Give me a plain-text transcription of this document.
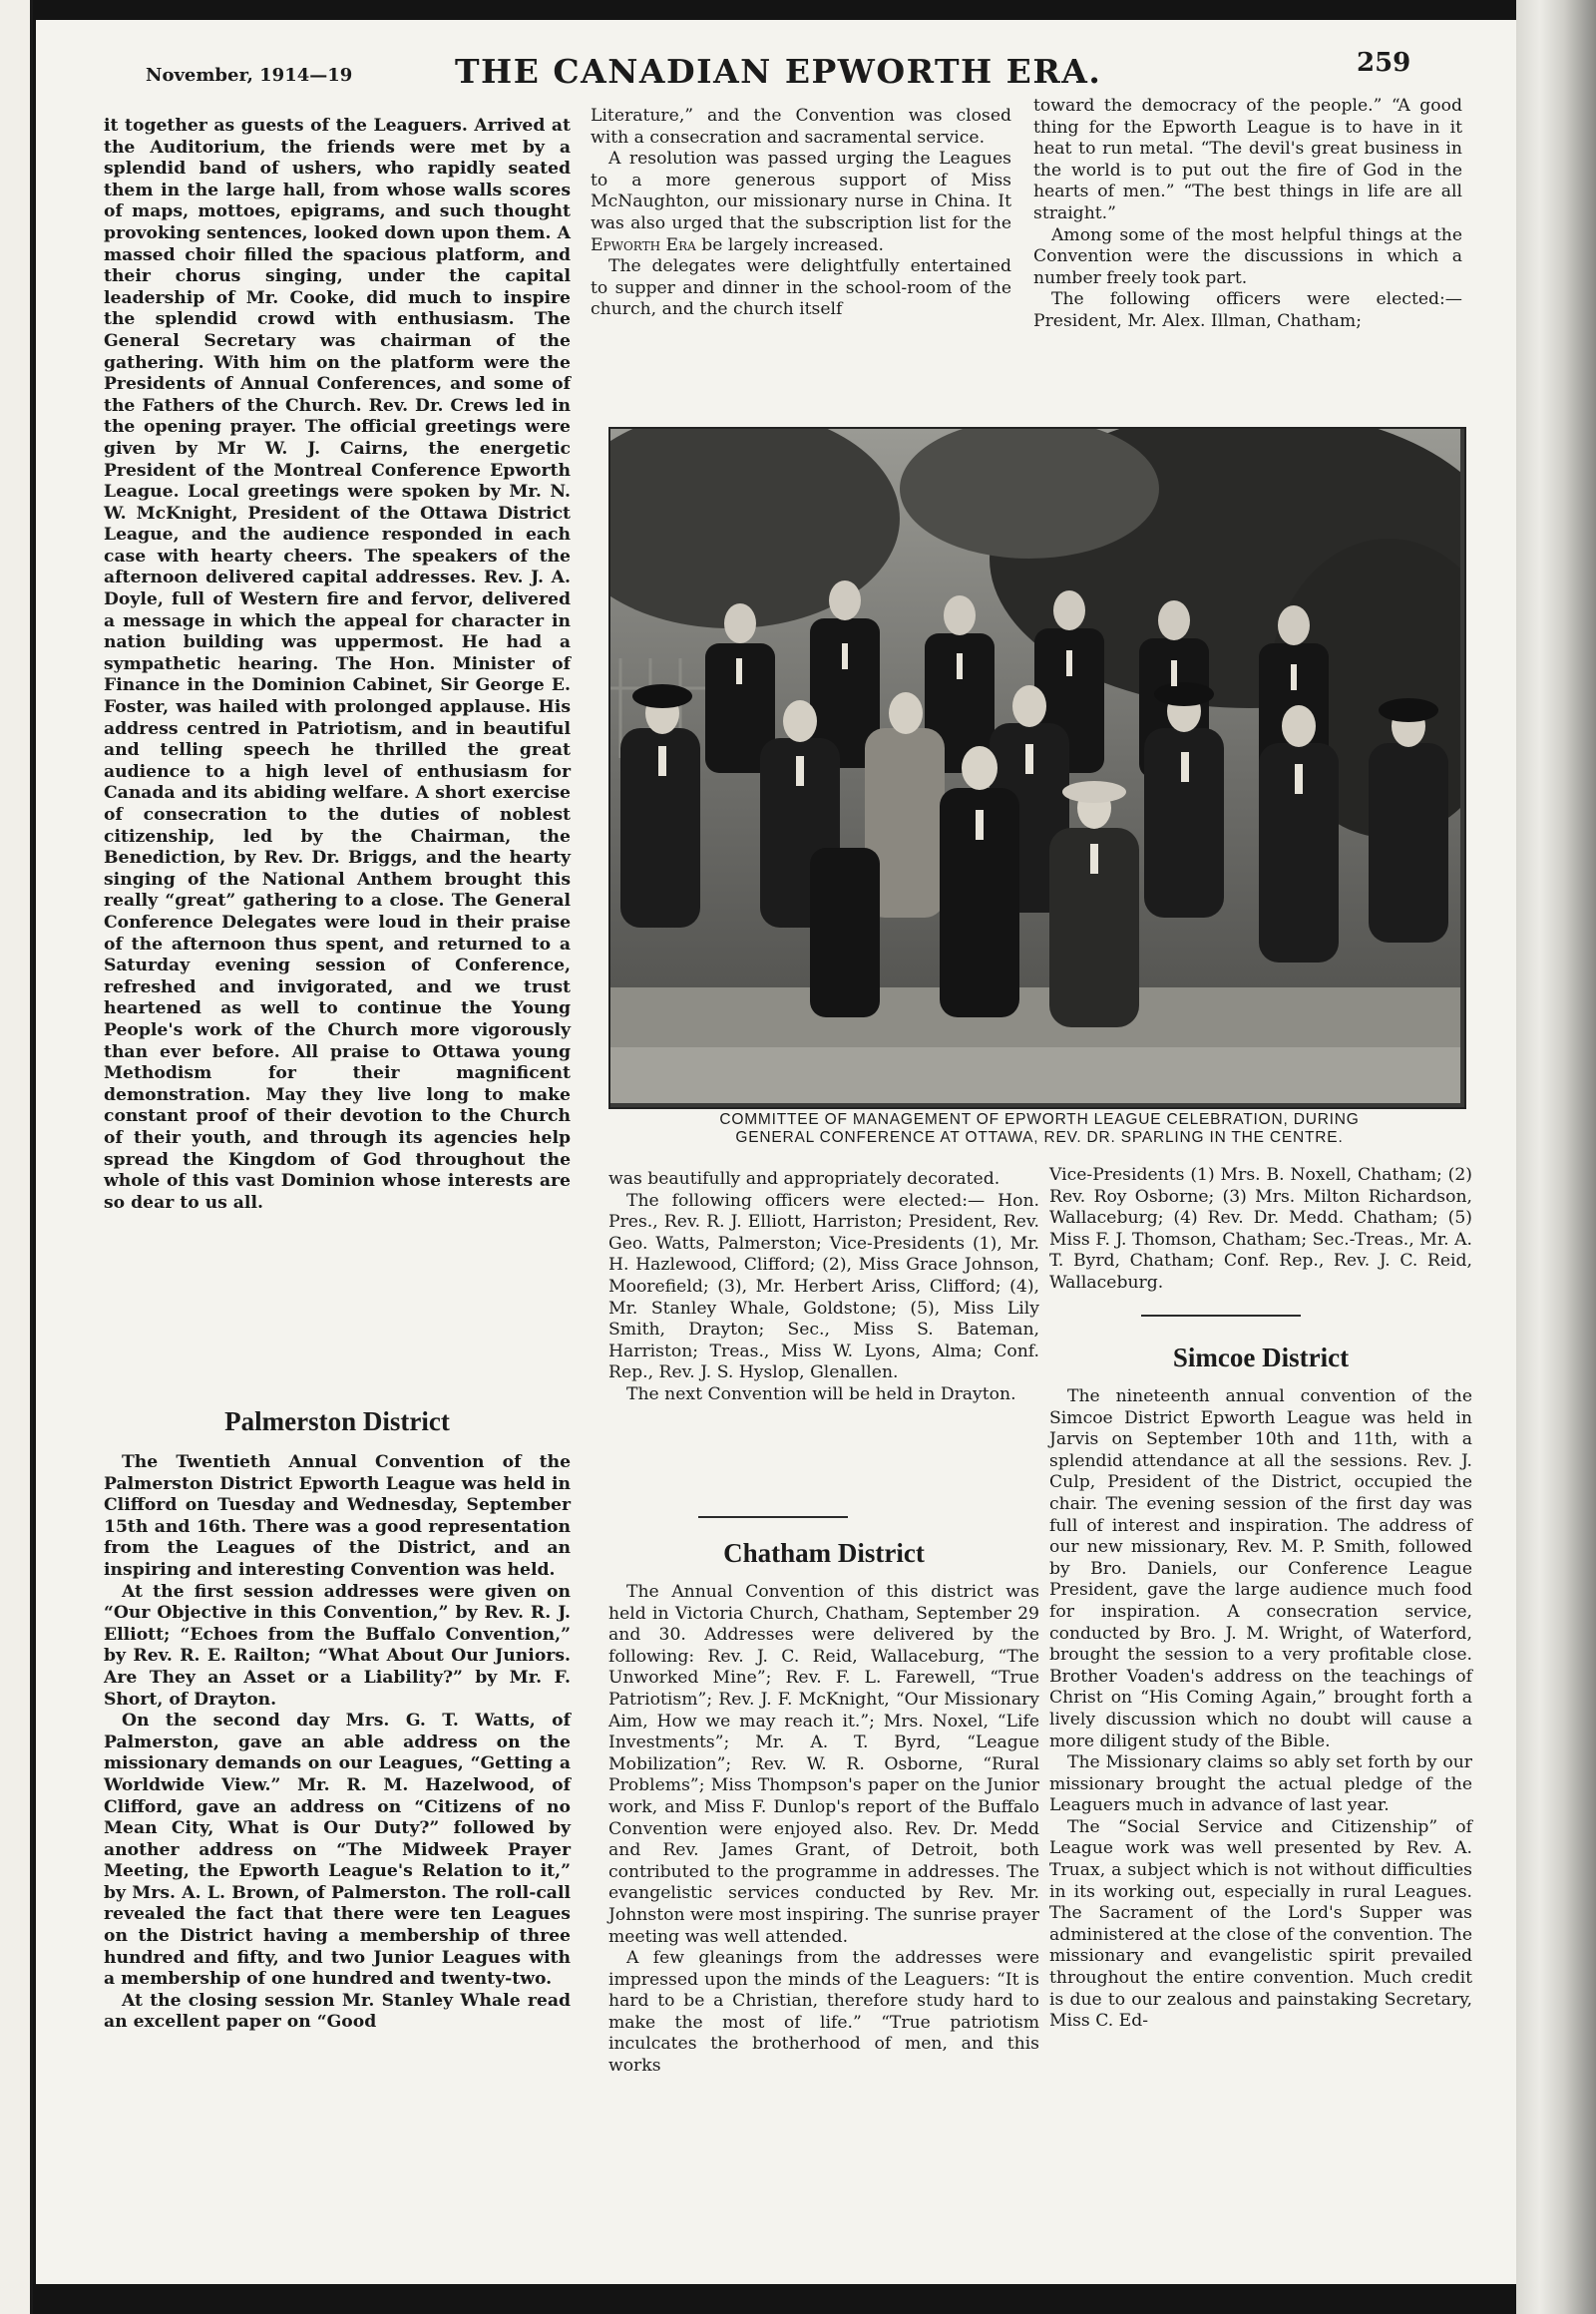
November, 1914—19	THE CANADIAN EPWORTH ERA.	259

it together as guests of the Leaguers. Arrived at the Auditorium, the friends were met by a splendid band of ushers, who rapidly seated them in the large hall, from whose walls scores of maps, mottoes, epigrams, and such thought provoking sentences, looked down upon them. A massed choir filled the spacious platform, and their chorus singing, under the capital leadership of Mr. Cooke, did much to inspire the splendid crowd with enthusiasm. The General Secretary was chairman of the gathering. With him on the platform were the Presidents of Annual Conferences, and some of the Fathers of the Church. Rev. Dr. Crews led in the opening prayer. The official greetings were given by Mr W. J. Cairns, the energetic President of the Montreal Conference Epworth League. Local greetings were spoken by Mr. N. W. McKnight, President of the Ottawa District League, and the audience responded in each case with hearty cheers. The speakers of the afternoon delivered capital addresses. Rev. J. A. Doyle, full of Western fire and fervor, delivered a message in which the appeal for character in nation building was uppermost. He had a sympathetic hearing. The Hon. Minister of Finance in the Dominion Cabinet, Sir George E. Foster, was hailed with prolonged applause. His address centred in Patriotism, and in beautiful and telling speech he thrilled the great audience to a high level of enthusiasm for Canada and its abiding welfare. A short exercise of consecration to the duties of noblest citizenship, led by the Chairman, the Benediction, by Rev. Dr. Briggs, and the hearty singing of the National Anthem brought this really “great” gathering to a close. The General Conference Delegates were loud in their praise of the afternoon thus spent, and returned to a Saturday evening session of Conference, refreshed and invigorated, and we trust heartened as well to continue the Young People's work of the Church more vigorously than ever before. All praise to Ottawa young Methodism for their magnificent demonstration. May they live long to make constant proof of their devotion to the Church of their youth, and through its agencies help spread the Kingdom of God throughout the whole of this vast Dominion whose interests are so dear to us all.

Palmerston District

The Twentieth Annual Convention of the Palmerston District Epworth League was held in Clifford on Tuesday and Wednesday, September 15th and 16th. There was a good representation from the Leagues of the District, and an inspiring and interesting Convention was held.

At the first session addresses were given on “Our Objective in this Convention,” by Rev. R. J. Elliott; “Echoes from the Buffalo Convention,” by Rev. R. E. Railton; “What About Our Juniors. Are They an Asset or a Liability?” by Mr. F. Short, of Drayton.

On the second day Mrs. G. T. Watts, of Palmerston, gave an able address on the missionary demands on our Leagues, “Getting a Worldwide View.” Mr. R. M. Hazelwood, of Clifford, gave an address on “Citizens of no Mean City, What is Our Duty?” followed by another address on “The Midweek Prayer Meeting, the Epworth League's Relation to it,” by Mrs. A. L. Brown, of Palmerston. The roll-call revealed the fact that there were ten Leagues on the District having a membership of three hundred and fifty, and two Junior Leagues with a membership of one hundred and twenty-two.

At the closing session Mr. Stanley Whale read an excellent paper on “Good

Literature,” and the Convention was closed with a consecration and sacramental service.

A resolution was passed urging the Leagues to a more generous support of Miss McNaughton, our missionary nurse in China. It was also urged that the subscription list for the Epworth Era be largely increased.

The delegates were delightfully entertained to supper and dinner in the school-room of the church, and the church itself

toward the democracy of the people.” “A good thing for the Epworth League is to have in it heat to run metal. “The devil's great business in the world is to put out the fire of God in the hearts of men.” “The best things in life are all straight.”

Among some of the most helpful things at the Convention were the discussions in which a number freely took part.

The following officers were elected:— President, Mr. Alex. Illman, Chatham;

COMMITTEE OF MANAGEMENT OF EPWORTH LEAGUE CELEBRATION, DURING
GENERAL CONFERENCE AT OTTAWA, REV. DR. SPARLING IN THE CENTRE.

was beautifully and appropriately decorated.

The following officers were elected:— Hon. Pres., Rev. R. J. Elliott, Harriston; President, Rev. Geo. Watts, Palmerston; Vice-Presidents (1), Mr. H. Hazlewood, Clifford; (2), Miss Grace Johnson, Moorefield; (3), Mr. Herbert Ariss, Clifford; (4), Mr. Stanley Whale, Goldstone; (5), Miss Lily Smith, Drayton; Sec., Miss S. Bateman, Harriston; Treas., Miss W. Lyons, Alma; Conf. Rep., Rev. J. S. Hyslop, Glenallen.

The next Convention will be held in Drayton.

Chatham District

The Annual Convention of this district was held in Victoria Church, Chatham, September 29 and 30. Addresses were delivered by the following: Rev. J. C. Reid, Wallaceburg, “The Unworked Mine”; Rev. F. L. Farewell, “True Patriotism”; Rev. J. F. McKnight, “Our Missionary Aim, How we may reach it.”; Mrs. Noxel, “Life Investments”; Mr. A. T. Byrd, “League Mobilization”; Rev. W. R. Osborne, “Rural Problems”; Miss Thompson's paper on the Junior work, and Miss F. Dunlop's report of the Buffalo Convention were enjoyed also. Rev. Dr. Medd and Rev. James Grant, of Detroit, both contributed to the programme in addresses. The evangelistic services conducted by Rev. Mr. Johnston were most inspiring. The sunrise prayer meeting was well attended.

A few gleanings from the addresses were impressed upon the minds of the Leaguers: “It is hard to be a Christian, therefore study hard to make the most of life.” “True patriotism inculcates the brotherhood of men, and this works

Vice-Presidents (1) Mrs. B. Noxell, Chatham; (2) Rev. Roy Osborne; (3) Mrs. Milton Richardson, Wallaceburg; (4) Rev. Dr. Medd. Chatham; (5) Miss F. J. Thomson, Chatham; Sec.-Treas., Mr. A. T. Byrd, Chatham; Conf. Rep., Rev. J. C. Reid, Wallaceburg.

Simcoe District

The nineteenth annual convention of the Simcoe District Epworth League was held in Jarvis on September 10th and 11th, with a splendid attendance at all the sessions. Rev. J. Culp, President of the District, occupied the chair. The evening session of the first day was full of interest and inspiration. The address of our new missionary, Rev. M. P. Smith, followed by Bro. Daniels, our Conference League President, gave the large audience much food for inspiration. A consecration service, conducted by Bro. J. M. Wright, of Waterford, brought the session to a very profitable close. Brother Voaden's address on the teachings of Christ on “His Coming Again,” brought forth a lively discussion which no doubt will cause a more diligent study of the Bible.

The Missionary claims so ably set forth by our missionary brought the actual pledge of the Leaguers much in advance of last year.

The “Social Service and Citizenship” of League work was well presented by Rev. A. Truax, a subject which is not without difficulties in its working out, especially in rural Leagues. The Sacrament of the Lord's Supper was administered at the close of the convention. The missionary and evangelistic spirit prevailed throughout the entire convention. Much credit is due to our zealous and painstaking Secretary, Miss C. Ed-
